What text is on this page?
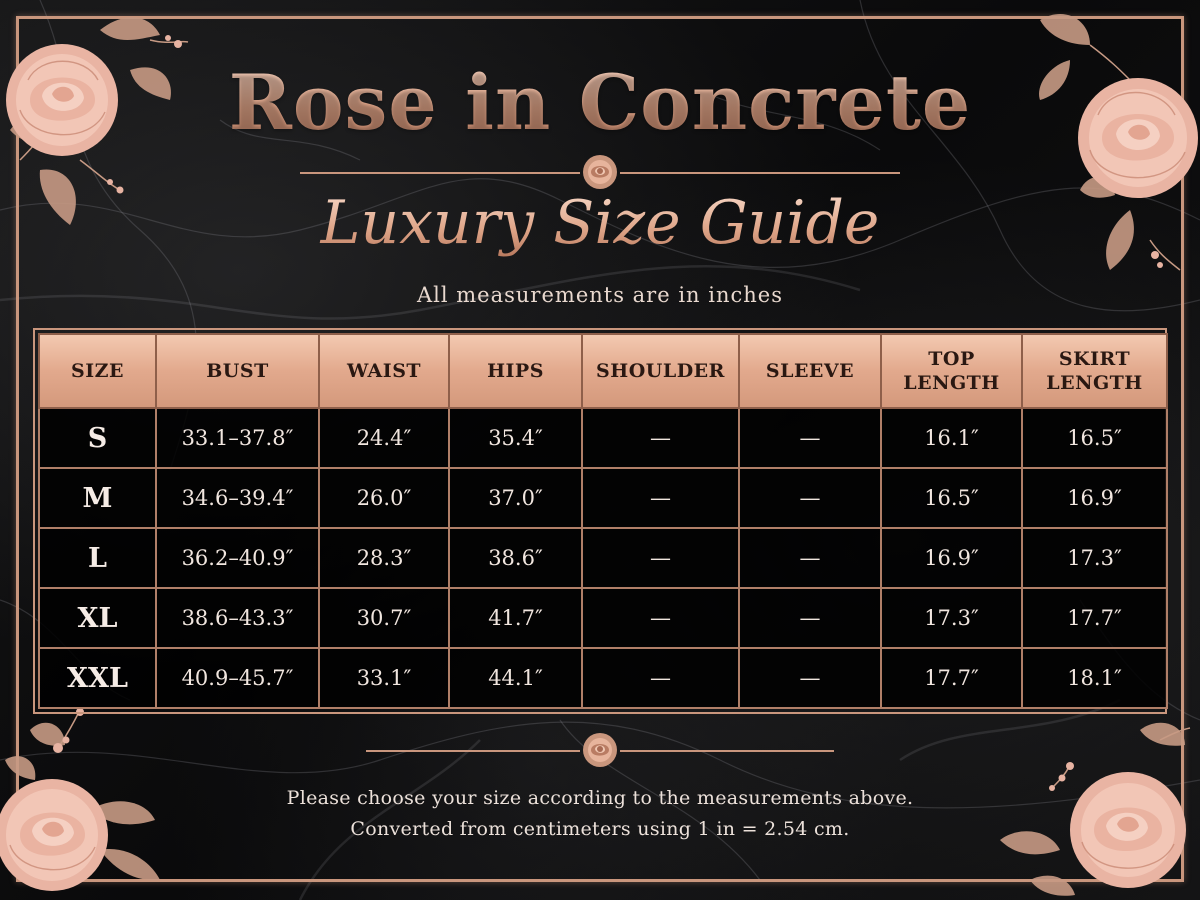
Rose in Concrete
Luxury Size Guide
All measurements are in inches
SIZE	BUST	WAIST	HIPS	SHOULDER	SLEEVE	TOP LENGTH	SKIRT LENGTH
S	33.1–37.8″	24.4″	35.4″	—	—	16.1″	16.5″
M	34.6–39.4″	26.0″	37.0″	—	—	16.5″	16.9″
L	36.2–40.9″	28.3″	38.6″	—	—	16.9″	17.3″
XL	38.6–43.3″	30.7″	41.7″	—	—	17.3″	17.7″
XXL	40.9–45.7″	33.1″	44.1″	—	—	17.7″	18.1″
Please choose your size according to the measurements above.
Converted from centimeters using 1 in = 2.54 cm.
